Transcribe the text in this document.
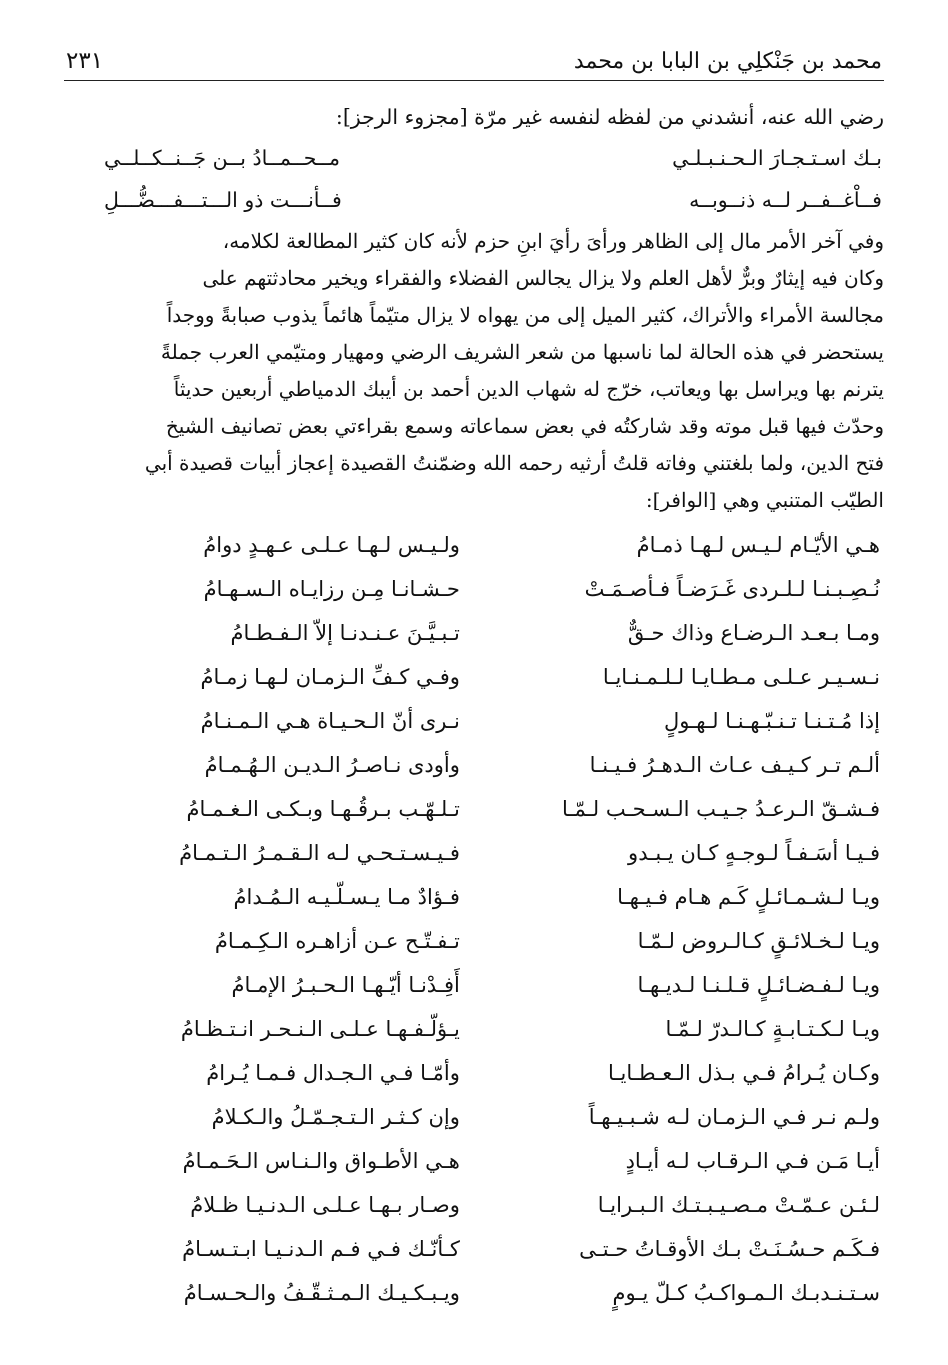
محمد بن جَنْكلِي بن البابا بن محمد
٢٣١
رضي الله عنه، أنشدني من لفظه لنفسه غير مرّة [مجزوء الرجز]:
بـك اسـتـجـارَ الـحـنـبـلـي
مــحــمــادُ بــن جَــنــكــلــي
فــاْغــفــر لــه ذنــوبــه
فــأنـــت ذو الـــتـــفـــضُّـــلِ

وفي آخر الأمر مال إلى الظاهر ورأىَ رأيَ ابنِ حزم لأنه كان كثير المطالعة لكلامه،

وكان فيه إيثارٌ وبرٌّ لأهل العلم ولا يزال يجالس الفضلاء والفقراء ويخير محادثتهم على

مجالسة الأمراء والأتراك، كثير الميل إلى من يهواه لا يزال متيّماً هائماً يذوب صبابةً ووجداً

يستحضر في هذه الحالة لما ناسبها من شعر الشريف الرضي ومهيار ومتيّمي العرب جملةً

يترنم بها ويراسل بها ويعاتب، خرّج له شهاب الدين أحمد بن أيبك الدمياطي أربعين حديثاً

وحدّث فيها قبل موته وقد شاركتُه في بعض سماعاته وسمع بقراءتي بعض تصانيف الشيخ

فتح الدين، ولما بلغتني وفاته قلتُ أرثيه رحمه الله وضمّنتُ القصيدة إعجاز أبيات قصيدة أبي

الطيّب المتنبي وهي [الوافر]:

هـي الأيّـام لـيـس لـهـا ذمـامُ
ولـيـس لـهـا عـلـى عـهـدٍ دوامُ
نُـصِـبـنـا لـلـردى غَـرَضـاً فـأصـمَـتْ
حـشـانـا مِـن رزايـاه الـسـهـامُ
ومـا بـعـد الـرضـاع وذاك حـقٌّ
تـبـيَّـنَ عـنـدنـا إلاّ الـفـطـامُ
نـسـيـر عـلـى مـطـايـا لـلـمـنـايـا
وفـي كـفِّ الـزمـان لـهـا زمـامُ
إذا مُـتـنـا تـنـبّـهـنـا لـهـولٍ
نـرى أنّ الـحـيـاة هـي الـمـنـامُ
ألـم تـر كـيـف عـاث الـدهـرُ فـيـنـا
وأودى نـاصـرُ الـديـن الـهُـمـامُ
فـشـقّ الـرعـدُ جـيـب الـسـحـب لـمّـا
تـلـهّـب بـرقُـهـا وبـكـى الـغـمـامُ
فـيـا أسَـفـاً لـوجـهٍ كـان يـبـدو
فـيـسـتـحـي لـه الـقـمـرُ الـتـمـامُ
ويـا لـشـمـائـلٍ كَـم هـام فـيـهـا
فـؤادٌ مـا يـسـلّـيـه الـمُـدامُ
ويـا لـخـلائـقٍ كـالـروض لـمّـا
تـفـتّـح عـن أزاهـره الـكِـمـامُ
ويـا لـفـضـائـلٍ قـلـنـا لـديـهـا
أَفِـدْنـا أيّـهـا الـحـبـرُ الإمـامُ
ويـا لـكـتـابـةٍ كـالـدرّ لـمّـا
يـؤلّـفـهـا عـلـى الـنـحـر انـتـظـامُ
وكـان يُـرامُ فـي بـذل الـعـطـايـا
وأمّـا فـي الـجـدال فـمـا يُـرامُ
ولـم نـر فـي الـزمـان لـه شـبـيـهـاً
وإن كـثـر الـتـجـمّـلُ والـكـلامُ
أيـا مَـن فـي الـرقـاب لـه أيـادٍ
هـي الأطـواق والـنـاس الـحَـمـامُ
لـئـن عـمّـتْ مـصـيـبـتـك الـبـرايـا
وصـار بـهـا عـلـى الـدنـيـا ظـلامُ
فـكَـم حـسُـنَـتْ بـك الأوقـاتُ حـتـى
كـأنّـك فـي فـم الـدنـيـا ابـتـسـامُ
سـتـنـدبـك الـمـواكـبُ كـلّ يـومٍ
ويـبـكـيـك الـمـثـقّـفُ والـحـسـامُ
